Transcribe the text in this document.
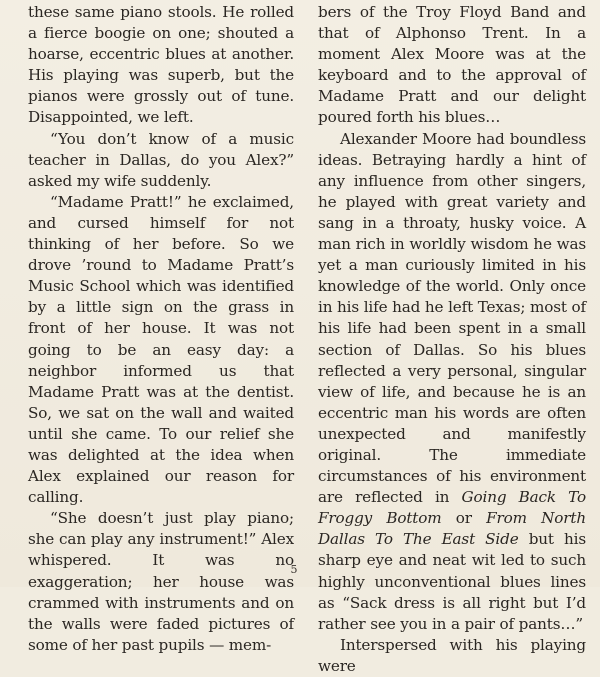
these same piano stools. He rolled a fierce boogie on one; shouted a hoarse, eccentric blues at another. His playing was superb, but the pianos were grossly out of tune. Disappointed, we left.

“You don’t know of a music teacher in Dallas, do you Alex?” asked my wife suddenly.

“Madame Pratt!” he exclaimed, and cursed himself for not thinking of her before. So we drove ’round to Madame Pratt’s Music School which was identified by a little sign on the grass in front of her house. It was not going to be an easy day: a neighbor informed us that Madame Pratt was at the dentist. So, we sat on the wall and waited until she came. To our relief she was delighted at the idea when Alex explained our reason for calling.

“She doesn’t just play piano; she can play any instrument!” Alex whispered. It was no exaggeration; her house was crammed with instruments and on the walls were faded pictures of some of her past pupils — mem-

bers of the Troy Floyd Band and that of Alphonso Trent. In a moment Alex Moore was at the keyboard and to the approval of Madame Pratt and our delight poured forth his blues…

Alexander Moore had boundless ideas. Betraying hardly a hint of any influence from other singers, he played with great variety and sang in a throaty, husky voice. A man rich in worldly wisdom he was yet a man curiously limited in his knowledge of the world. Only once in his life had he left Texas; most of his life had been spent in a small section of Dallas. So his blues reflected a very personal, singular view of life, and because he is an eccentric man his words are often unexpected and manifestly original. The immediate circumstances of his environment are reflected in Going Back To Froggy Bottom or From North Dallas To The East Side but his sharp eye and neat wit led to such highly unconventional blues lines as “Sack dress is all right but I’d rather see you in a pair of pants…”

Interspersed with his playing were

5
